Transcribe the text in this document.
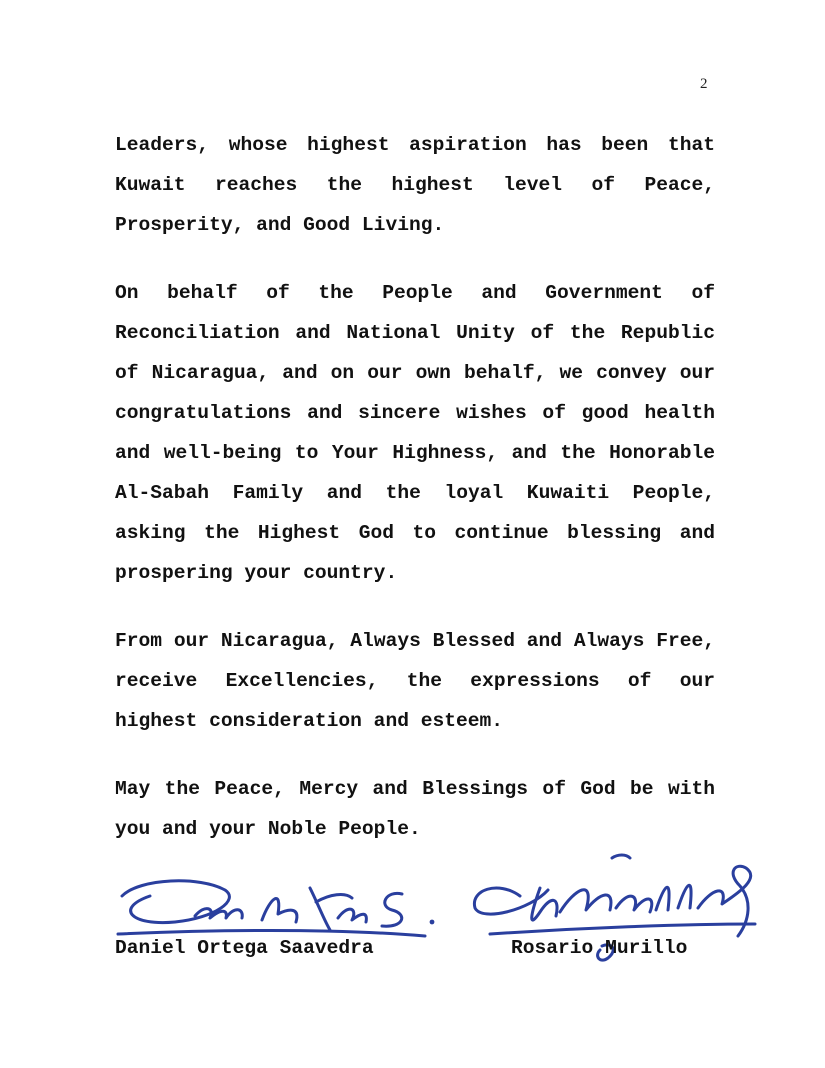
2

Leaders, whose highest aspiration has been that Kuwait reaches the highest level of Peace, Prosperity, and Good Living.

On behalf of the People and Government of Reconciliation and National Unity of the Republic of Nicaragua, and on our own behalf, we convey our congratulations and sincere wishes of good health and well-being to Your Highness, and the Honorable Al-Sabah Family and the loyal Kuwaiti People, asking the Highest God to continue blessing and prospering your country.

From our Nicaragua, Always Blessed and Always Free, receive Excellencies, the expressions of our highest consideration and esteem.

May the Peace, Mercy and Blessings of God be with you and your Noble People.

Daniel Ortega Saavedra	Rosario Murillo
